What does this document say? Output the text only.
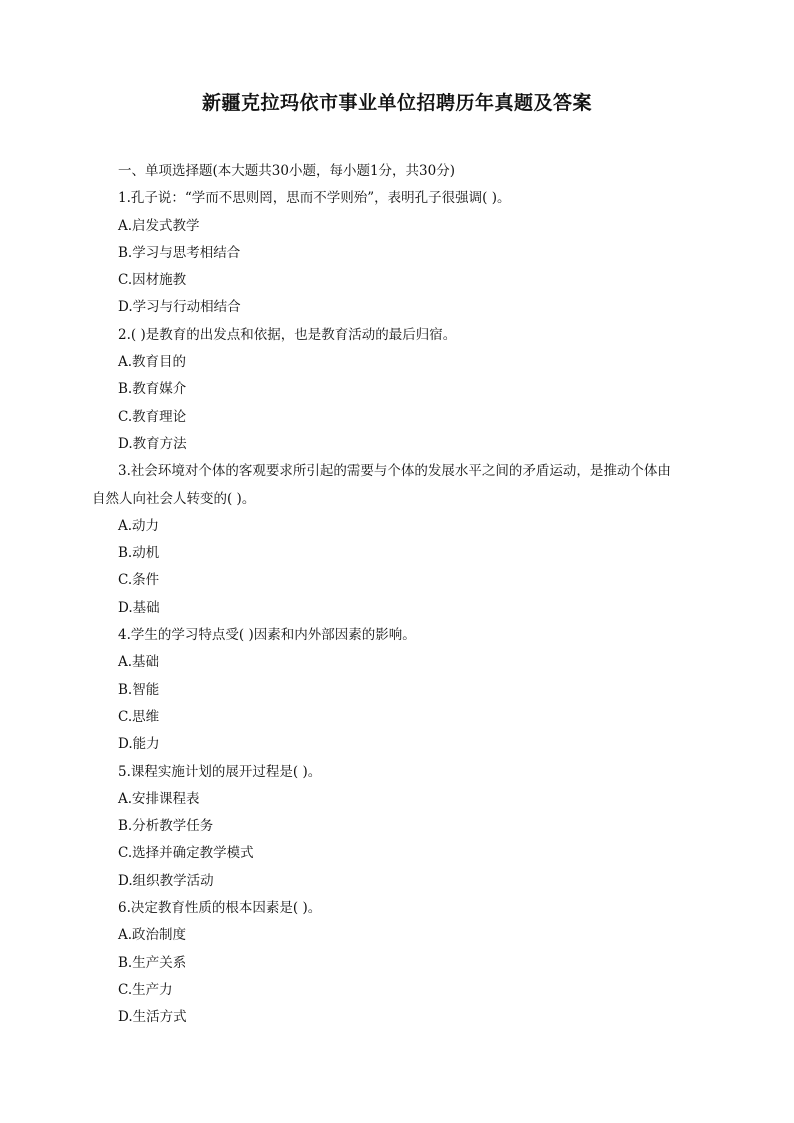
新疆克拉玛依市事业单位招聘历年真题及答案
一、单项选择题(本大题共30小题，每小题1分，共30分)
1.孔子说：“学而不思则罔，思而不学则殆”，表明孔子很强调( )。
A.启发式教学
B.学习与思考相结合
C.因材施教
D.学习与行动相结合
2.( )是教育的出发点和依据，也是教育活动的最后归宿。
A.教育目的
B.教育媒介
C.教育理论
D.教育方法
3.社会环境对个体的客观要求所引起的需要与个体的发展水平之间的矛盾运动，是推动个体由
自然人向社会人转变的( )。
A.动力
B.动机
C.条件
D.基础
4.学生的学习特点受( )因素和内外部因素的影响。
A.基础
B.智能
C.思维
D.能力
5.课程实施计划的展开过程是( )。
A.安排课程表
B.分析教学任务
C.选择并确定教学模式
D.组织教学活动
6.决定教育性质的根本因素是( )。
A.政治制度
B.生产关系
C.生产力
D.生活方式
